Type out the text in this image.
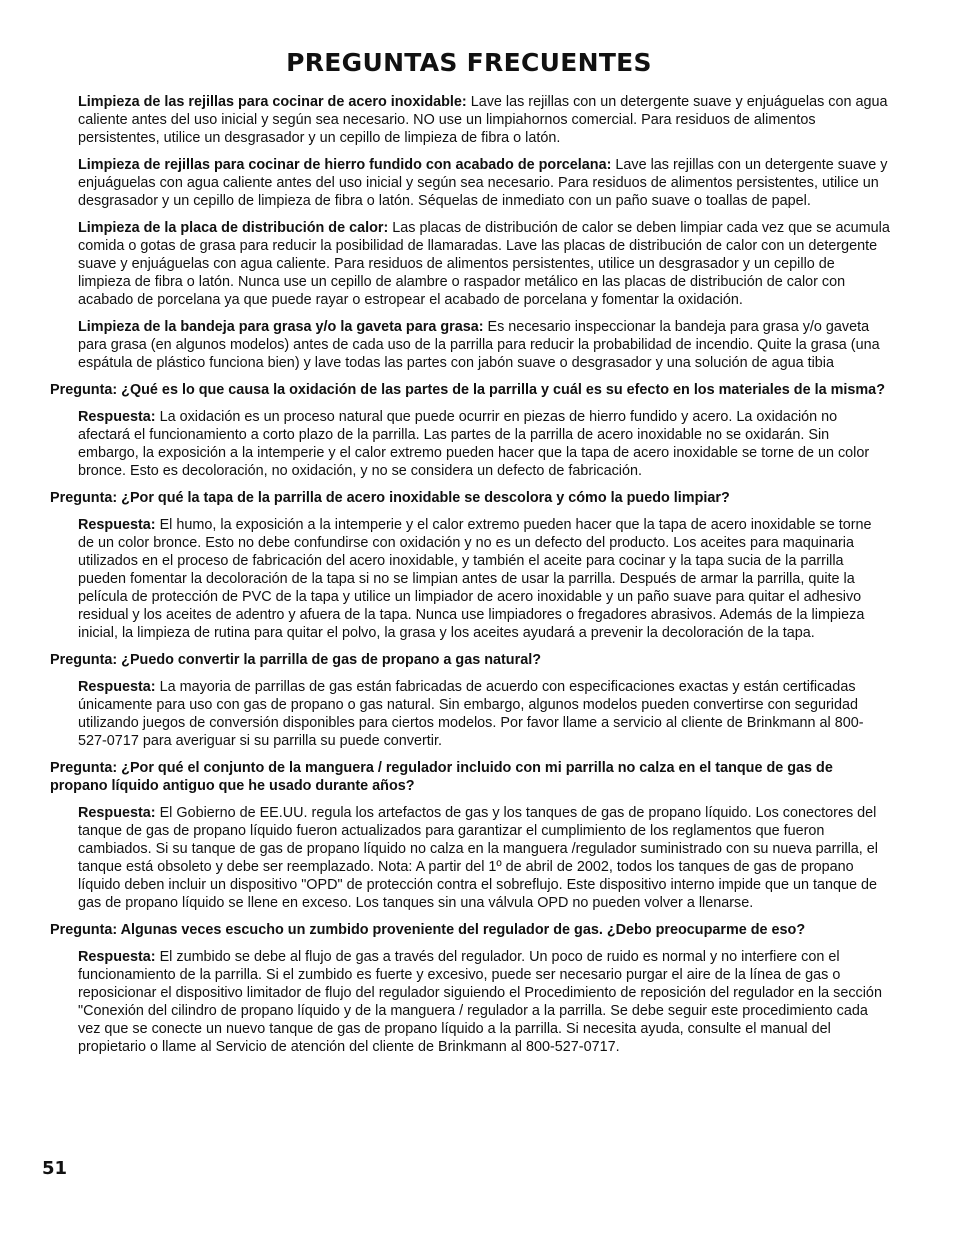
PREGUNTAS FRECUENTES

Limpieza de las rejillas para cocinar de acero inoxidable: Lave las rejillas con un detergente suave y enjuáguelas con agua caliente antes del uso inicial y según sea necesario. NO use un limpiahornos comercial. Para residuos de alimentos persistentes, utilice un desgrasador y un cepillo de limpieza de fibra o latón.

Limpieza de rejillas para cocinar de hierro fundido con acabado de porcelana: Lave las rejillas con un detergente suave y enjuáguelas con agua caliente antes del uso inicial y según sea necesario. Para residuos de alimentos persistentes, utilice un desgrasador y un cepillo de limpieza de fibra o latón. Séquelas de inmediato con un paño suave o toallas de papel.

Limpieza de la placa de distribución de calor: Las placas de distribución de calor se deben limpiar cada vez que se acumula comida o gotas de grasa para reducir la posibilidad de llamaradas. Lave las placas de distribución de calor con un detergente suave y enjuáguelas con agua caliente. Para residuos de alimentos persistentes, utilice un desgrasador y un cepillo de limpieza de fibra o latón. Nunca use un cepillo de alambre o raspador metálico en las placas de distribución de calor con acabado de porcelana ya que puede rayar o estropear el acabado de porcelana y fomentar la oxidación.

Limpieza de la bandeja para grasa y/o la gaveta para grasa: Es necesario inspeccionar la bandeja para grasa y/o gaveta para grasa (en algunos modelos) antes de cada uso de la parrilla para reducir la probabilidad de incendio. Quite la grasa (una espátula de plástico funciona bien) y lave todas las partes con jabón suave o desgrasador y una solución de agua tibia

Pregunta: ¿Qué es lo que causa la oxidación de las partes de la parrilla y cuál es su efecto en los materiales de la misma?

Respuesta: La oxidación es un proceso natural que puede ocurrir en piezas de hierro fundido y acero. La oxidación no afectará el funcionamiento a corto plazo de la parrilla. Las partes de la parrilla de acero inoxidable no se oxidarán. Sin embargo, la exposición a la intemperie y el calor extremo pueden hacer que la tapa de acero inoxidable se torne de un color bronce. Esto es decoloración, no oxidación, y no se considera un defecto de fabricación.

Pregunta: ¿Por qué la tapa de la parrilla de acero inoxidable se descolora y cómo la puedo limpiar?

Respuesta: El humo, la exposición a la intemperie y el calor extremo pueden hacer que la tapa de acero inoxidable se torne de un color bronce. Esto no debe confundirse con oxidación y no es un defecto del producto. Los aceites para maquinaria utilizados en el proceso de fabricación del acero inoxidable, y también el aceite para cocinar y la tapa sucia de la parrilla pueden fomentar la decoloración de la tapa si no se limpian antes de usar la parrilla. Después de armar la parrilla, quite la película de protección de PVC de la tapa y utilice un limpiador de acero inoxidable y un paño suave para quitar el adhesivo residual y los aceites de adentro y afuera de la tapa. Nunca use limpiadores o fregadores abrasivos. Además de la limpieza inicial, la limpieza de rutina para quitar el polvo, la grasa y los aceites ayudará a prevenir la decoloración de la tapa.

Pregunta: ¿Puedo convertir la parrilla de gas de propano a gas natural?

Respuesta: La mayoria de parrillas de gas están fabricadas de acuerdo con especificaciones exactas y están certificadas únicamente para uso con gas de propano o gas natural. Sin embargo, algunos modelos pueden convertirse con seguridad utilizando juegos de conversión disponibles para ciertos modelos. Por favor llame a servicio al cliente de Brinkmann al 800-527-0717 para averiguar si su parrilla su puede convertir.

Pregunta: ¿Por qué el conjunto de la manguera / regulador incluido con mi parrilla no calza en el tanque de gas de propano líquido antiguo que he usado durante años?

Respuesta: El Gobierno de EE.UU. regula los artefactos de gas y los tanques de gas de propano líquido. Los conectores del tanque de gas de propano líquido fueron actualizados para garantizar el cumplimiento de los reglamentos que fueron cambiados. Si su tanque de gas de propano líquido no calza en la manguera /regulador suministrado con su nueva parrilla, el tanque está obsoleto y debe ser reemplazado. Nota: A partir del 1º de abril de 2002, todos los tanques de gas de propano líquido deben incluir un dispositivo "OPD" de protección contra el sobreflujo. Este dispositivo interno impide que un tanque de gas de propano líquido se llene en exceso. Los tanques sin una válvula OPD no pueden volver a llenarse.

Pregunta: Algunas veces escucho un zumbido proveniente del regulador de gas. ¿Debo preocuparme de eso?

Respuesta: El zumbido se debe al flujo de gas a través del regulador. Un poco de ruido es normal y no interfiere con el funcionamiento de la parrilla. Si el zumbido es fuerte y excesivo, puede ser necesario purgar el aire de la línea de gas o reposicionar el dispositivo limitador de flujo del regulador siguiendo el Procedimiento de reposición del regulador en la sección "Conexión del cilindro de propano líquido y de la manguera / regulador a la parrilla. Se debe seguir este procedimiento cada vez que se conecte un nuevo tanque de gas de propano líquido a la parrilla. Si necesita ayuda, consulte el manual del propietario o llame al Servicio de atención del cliente de Brinkmann al 800-527-0717.

51
